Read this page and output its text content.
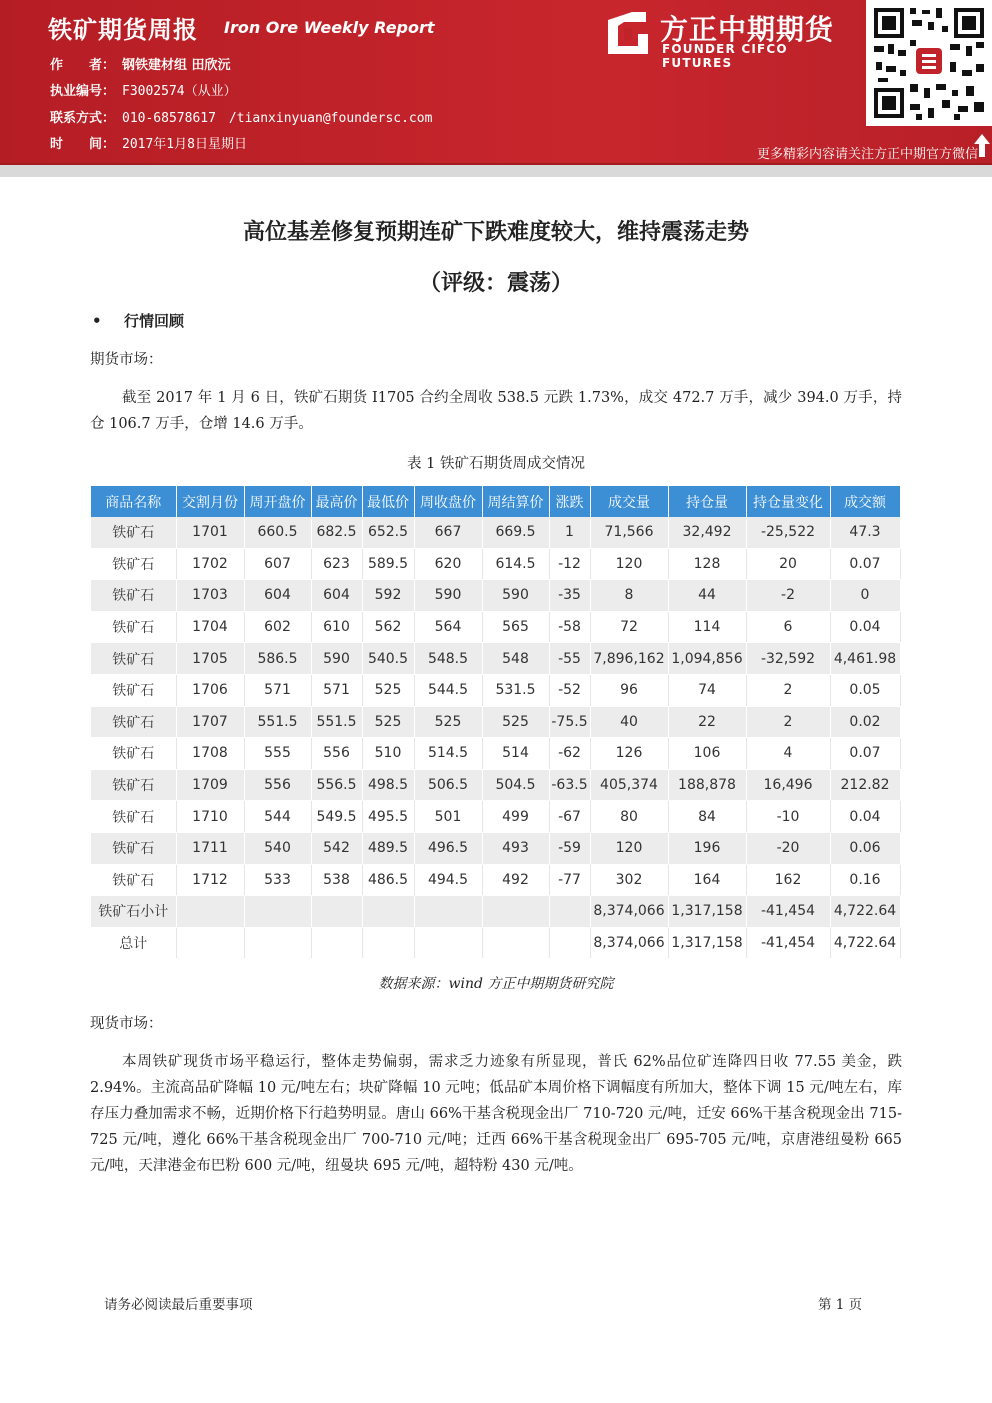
铁矿期货周报 Iron Ore Weekly Report
作　　者： 钢铁建材组 田欣沅
执业编号： F3002574（从业）
联系方式： 010-68578617　/tianxinyuan@foundersc.com
时　　间： 2017年1月8日星期日
方正中期期货
FOUNDER CIFCO FUTURES
更多精彩内容请关注方正中期官方微信
高位基差修复预期连矿下跌难度较大，维持震荡走势
（评级：震荡）
• 行情回顾
期货市场：
截至 2017 年 1 月 6 日，铁矿石期货 I1705 合约全周收 538.5 元跌 1.73%，成交 472.7 万手，减少 394.0 万手，持仓 106.7 万手，仓增 14.6 万手。
表 1 铁矿石期货周成交情况
商品名称	交割月份	周开盘价	最高价	最低价	周收盘价	周结算价	涨跌	成交量	持仓量	持仓量变化	成交额
铁矿石	1701	660.5	682.5	652.5	667	669.5	1	71,566	32,492	-25,522	47.3
铁矿石	1702	607	623	589.5	620	614.5	-12	120	128	20	0.07
铁矿石	1703	604	604	592	590	590	-35	8	44	-2	0
铁矿石	1704	602	610	562	564	565	-58	72	114	6	0.04
铁矿石	1705	586.5	590	540.5	548.5	548	-55	7,896,162	1,094,856	-32,592	4,461.98
铁矿石	1706	571	571	525	544.5	531.5	-52	96	74	2	0.05
铁矿石	1707	551.5	551.5	525	525	525	-75.5	40	22	2	0.02
铁矿石	1708	555	556	510	514.5	514	-62	126	106	4	0.07
铁矿石	1709	556	556.5	498.5	506.5	504.5	-63.5	405,374	188,878	16,496	212.82
铁矿石	1710	544	549.5	495.5	501	499	-67	80	84	-10	0.04
铁矿石	1711	540	542	489.5	496.5	493	-59	120	196	-20	0.06
铁矿石	1712	533	538	486.5	494.5	492	-77	302	164	162	0.16
铁矿石小计								8,374,066	1,317,158	-41,454	4,722.64
总计								8,374,066	1,317,158	-41,454	4,722.64
数据来源：wind 方正中期期货研究院
现货市场：
本周铁矿现货市场平稳运行，整体走势偏弱，需求乏力迹象有所显现，普氏 62%品位矿连降四日收 77.55 美金，跌 2.94%。主流高品矿降幅 10 元/吨左右；块矿降幅 10 元吨；低品矿本周价格下调幅度有所加大，整体下调 15 元/吨左右，库存压力叠加需求不畅，近期价格下行趋势明显。唐山 66%干基含税现金出厂 710-720 元/吨，迁安 66%干基含税现金出 715-725 元/吨，遵化 66%干基含税现金出厂 700-710 元/吨；迁西 66%干基含税现金出厂 695-705 元/吨，京唐港纽曼粉 665 元/吨，天津港金布巴粉 600 元/吨，纽曼块 695 元/吨，超特粉 430 元/吨。
请务必阅读最后重要事项	第 1 页
